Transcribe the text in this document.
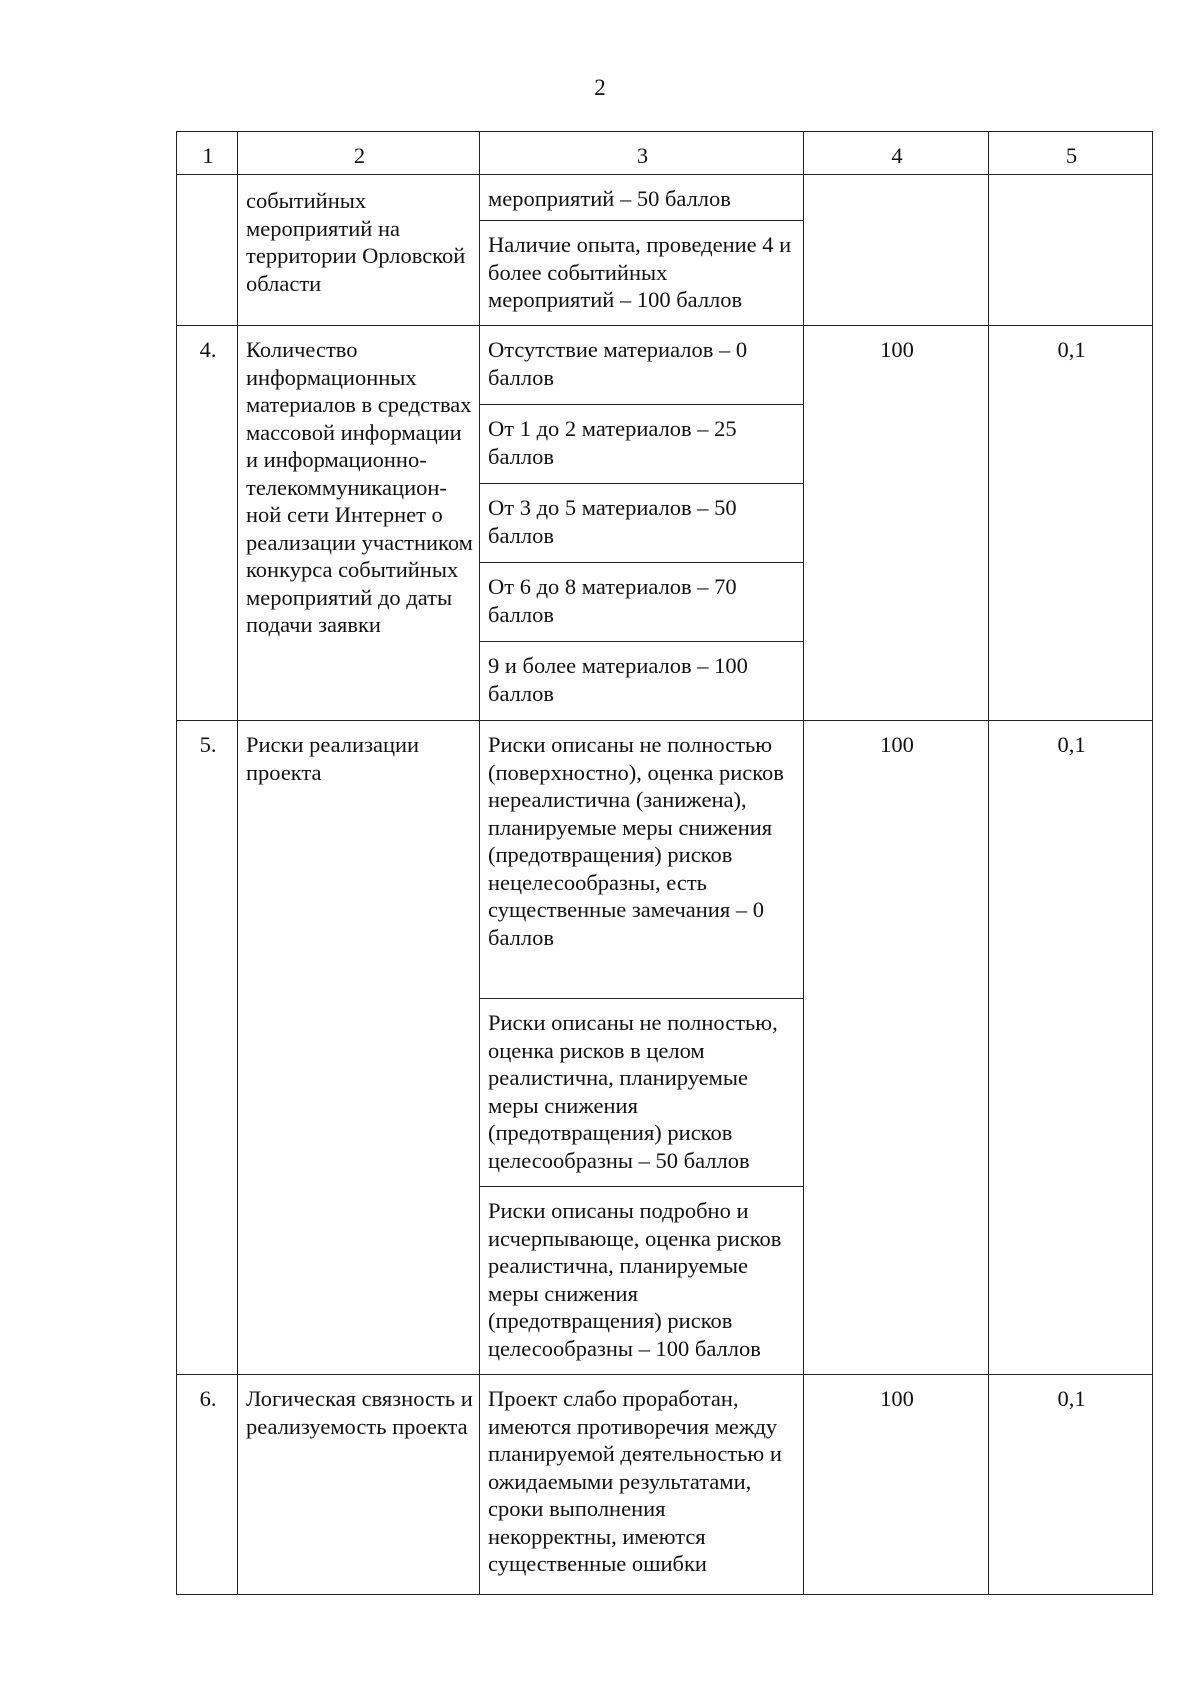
2
1	2	3	4	5
	событийных мероприятий на территории Орловской области	мероприятий – 50 баллов		
		Наличие опыта, проведение 4 и более событийных мероприятий – 100 баллов		
4.	Количество информационных материалов в средствах массовой информации и информационно-телекоммуникацион-ной сети Интернет о реализации участником конкурса событийных мероприятий до даты подачи заявки	Отсутствие материалов – 0 баллов	100	0,1
		От 1 до 2 материалов – 25 баллов		
		От 3 до 5 материалов – 50 баллов		
		От 6 до 8 материалов – 70 баллов		
		9 и более материалов – 100 баллов		
5.	Риски реализации проекта	Риски описаны не полностью (поверхностно), оценка рисков нереалистична (занижена), планируемые меры снижения (предотвращения) рисков нецелесообразны, есть существенные замечания – 0 баллов	100	0,1
		Риски описаны не полностью, оценка рисков в целом реалистична, планируемые меры снижения (предотвращения) рисков целесообразны – 50 баллов		
		Риски описаны подробно и исчерпывающе, оценка рисков реалистична, планируемые меры снижения (предотвращения) рисков целесообразны – 100 баллов		
6.	Логическая связность и реализуемость проекта	Проект слабо проработан, имеются противоречия между планируемой деятельностью и ожидаемыми результатами, сроки выполнения некорректны, имеются существенные ошибки	100	0,1
